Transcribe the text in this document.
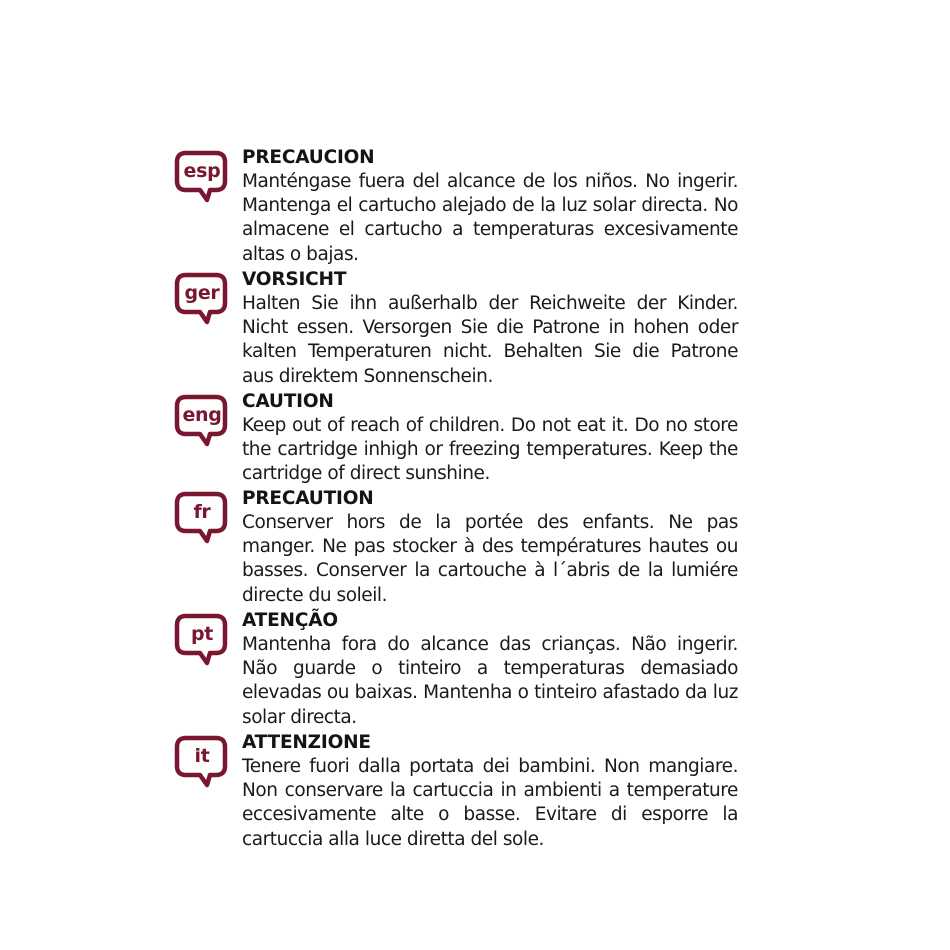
esp
PRECAUCION
Manténgase fuera del alcance de los niños. No ingerir. Mantenga el cartucho alejado de la luz solar directa. No almacene el cartucho a temperaturas excesivamente altas o bajas.
ger
VORSICHT
Halten Sie ihn außerhalb der Reichweite der Kinder. Nicht essen. Versorgen Sie die Patrone in hohen oder kalten Temperaturen nicht. Behalten Sie die Patrone aus direktem Sonnenschein.
eng
CAUTION
Keep out of reach of children. Do not eat it. Do no store the cartridge inhigh or freezing temperatures. Keep the cartridge of direct sunshine.
fr
PRECAUTION
Conserver hors de la portée des enfants. Ne pas manger. Ne pas stocker à des températures hautes ou basses. Conserver la cartouche à l´abris de la lumiére directe du soleil.
pt
ATENÇÃO
Mantenha fora do alcance das crianças. Não ingerir. Não guarde o tinteiro a temperaturas demasiado elevadas ou baixas. Mantenha o tinteiro afastado da luz solar directa.
it
ATTENZIONE
Tenere fuori dalla portata dei bambini. Non mangiare. Non conservare la cartuccia in ambienti a temperature eccesivamente alte o basse. Evitare di esporre la cartuccia alla luce diretta del sole.
